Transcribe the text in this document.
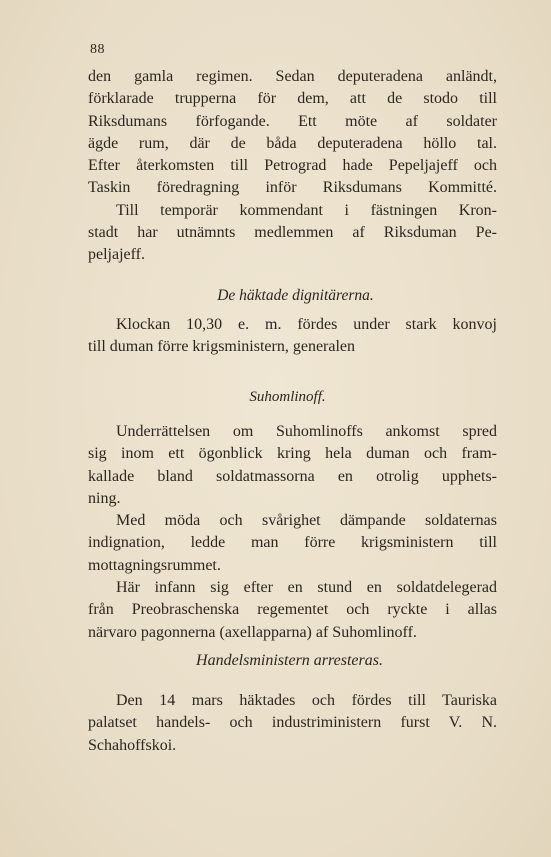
88
den gamla regimen. Sedan deputeradena anländt,
förklarade trupperna för dem, att de stodo till
Riksdumans förfogande. Ett möte af soldater
ägde rum, där de båda deputeradena höllo tal.
Efter återkomsten till Petrograd hade Pepeljajeff och
Taskin föredragning inför Riksdumans Kommitté.
Till temporär kommendant i fästningen Kron-
stadt har utnämnts medlemmen af Riksduman Pe-
peljajeff.
De häktade dignitärerna.
Klockan 10,30 e. m. fördes under stark konvoj
till duman förre krigsministern, generalen
Suhomlinoff.
Underrättelsen om Suhomlinoffs ankomst spred
sig inom ett ögonblick kring hela duman och fram-
kallade bland soldatmassorna en otrolig upphets-
ning.
Med möda och svårighet dämpande soldaternas
indignation, ledde man förre krigsministern till
mottagningsrummet.
Här infann sig efter en stund en soldatdelegerad
från Preobraschenska regementet och ryckte i allas
närvaro pagonnerna (axellapparna) af Suhomlinoff.
Handelsministern arresteras.
Den 14 mars häktades och fördes till Tauriska
palatset handels- och industriministern furst V. N.
Schahoffskoi.
